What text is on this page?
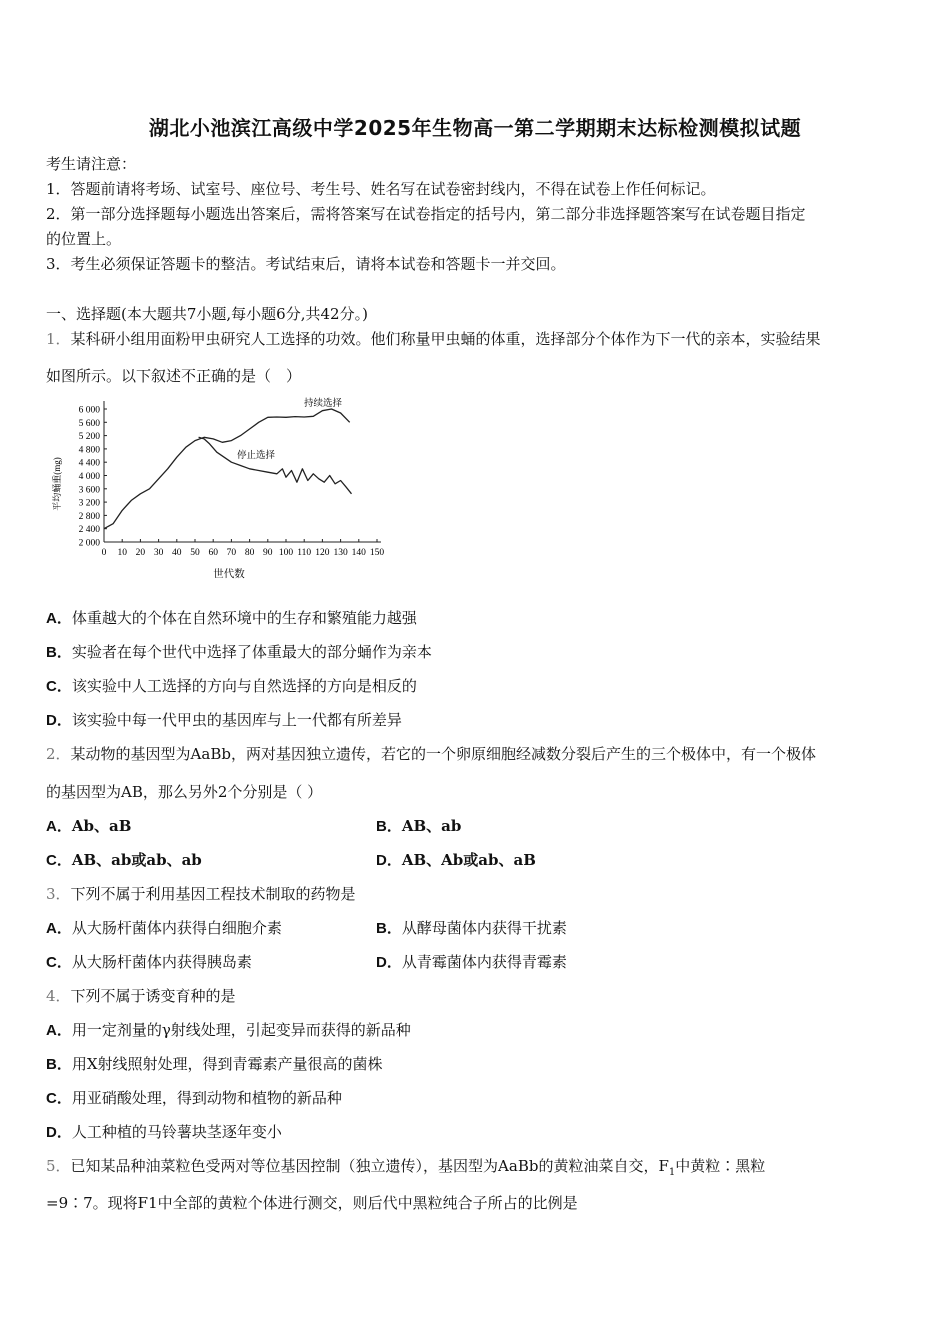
湖北小池滨江高级中学2025年生物高一第二学期期末达标检测模拟试题
考生请注意：
1．答题前请将考场、试室号、座位号、考生号、姓名写在试卷密封线内，不得在试卷上作任何标记。
2．第一部分选择题每小题选出答案后，需将答案写在试卷指定的括号内，第二部分非选择题答案写在试卷题目指定
的位置上。
3．考生必须保证答题卡的整洁。考试结束后，请将本试卷和答题卡一并交回。
一、选择题(本大题共7小题,每小题6分,共42分。)
1．某科研小组用面粉甲虫研究人工选择的功效。他们称量甲虫蛹的体重，选择部分个体作为下一代的亲本，实验结果
如图所示。以下叙述不正确的是（　）
0 10 20 30 40 50 60 70 80 90 100 110 120 130 140 150
6 000
5 600
5 200
4 800
4 400
4 000
3 600
3 200
2 800
2 400
2 000
世代数
平均蛹重(mg)
持续选择
停止选择
A．体重越大的个体在自然环境中的生存和繁殖能力越强
B．实验者在每个世代中选择了体重最大的部分蛹作为亲本
C．该实验中人工选择的方向与自然选择的方向是相反的
D．该实验中每一代甲虫的基因库与上一代都有所差异
2．某动物的基因型为AaBb，两对基因独立遗传，若它的一个卵原细胞经减数分裂后产生的三个极体中，有一个极体
的基因型为AB，那么另外2个分别是（ ）
A．Ab、aB	B．AB、ab
C．AB、ab或ab、ab	D．AB、Ab或ab、aB
3．下列不属于利用基因工程技术制取的药物是
A．从大肠杆菌体内获得白细胞介素	B．从酵母菌体内获得干扰素
C．从大肠杆菌体内获得胰岛素	D．从青霉菌体内获得青霉素
4．下列不属于诱变育种的是
A．用一定剂量的γ射线处理，引起变异而获得的新品种
B．用X射线照射处理，得到青霉素产量很高的菌株
C．用亚硝酸处理，得到动物和植物的新品种
D．人工种植的马铃薯块茎逐年变小
5．已知某品种油菜粒色受两对等位基因控制（独立遗传），基因型为AaBb的黄粒油菜自交，$F_1$中黄粒∶黑粒
=9∶7。现将F1中全部的黄粒个体进行测交，则后代中黑粒纯合子所占的比例是
